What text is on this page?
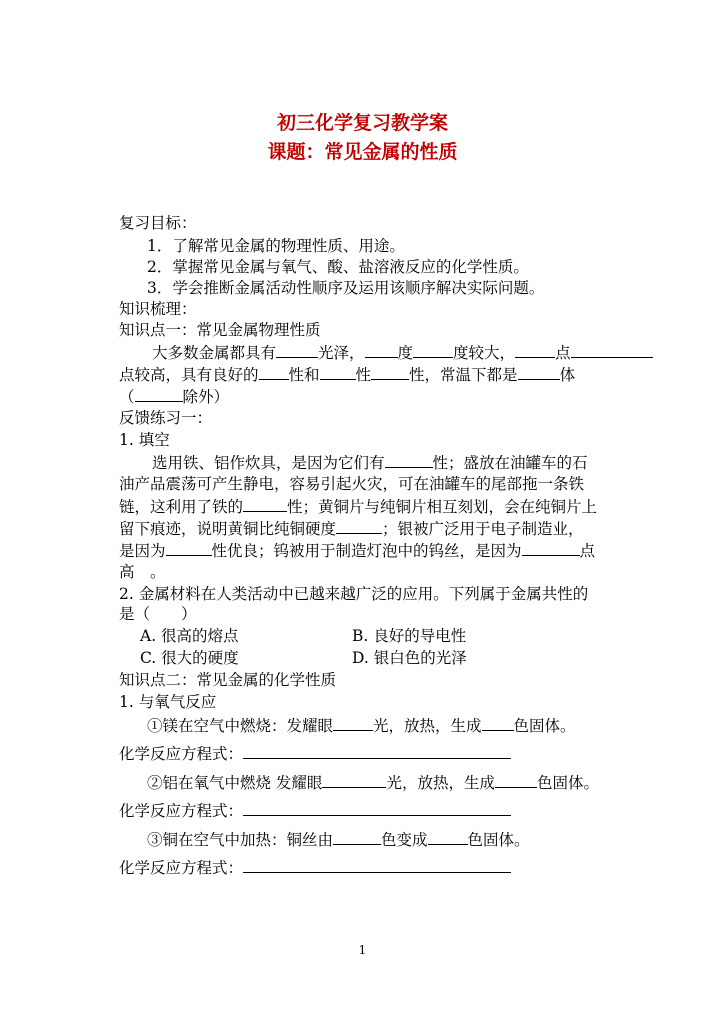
初三化学复习教学案
课题：常见金属的性质
复习目标：
1．了解常见金属的物理性质、用途。
2．掌握常见金属与氧气、酸、盐溶液反应的化学性质。
3．学会推断金属活动性顺序及运用该顺序解决实际问题。
知识梳理：
知识点一：常见金属物理性质
大多数金属都具有	光泽， 度	度较大，	点
点较高，具有良好的 性和 性 性，常温下都是	体
（	除外）
反馈练习一：
1. 填空
选用铁、铝作炊具，是因为它们有	性；盛放在油罐车的石
油产品震荡可产生静电，容易引起火灾，可在油罐车的尾部拖一条铁
链，这利用了铁的	性；黄铜片与纯铜片相互刻划，会在纯铜片上
留下痕迹，说明黄铜比纯铜硬度	；银被广泛用于电子制造业，
是因为	性优良；钨被用于制造灯泡中的钨丝，是因为	点
高　。
2. 金属材料在人类活动中已越来越广泛的应用。下列属于金属共性的
是（　　）
A. 很高的熔点	B. 良好的导电性
C. 很大的硬度	D. 银白色的光泽
知识点二：常见金属的化学性质
1. 与氧气反应
①镁在空气中燃烧：发耀眼	光，放热，生成 色固体。
化学反应方程式：
②铝在氧气中燃烧 发耀眼	光，放热，生成	色固体。
化学反应方程式：
③铜在空气中加热：铜丝由	色变成	色固体。
化学反应方程式：
1
